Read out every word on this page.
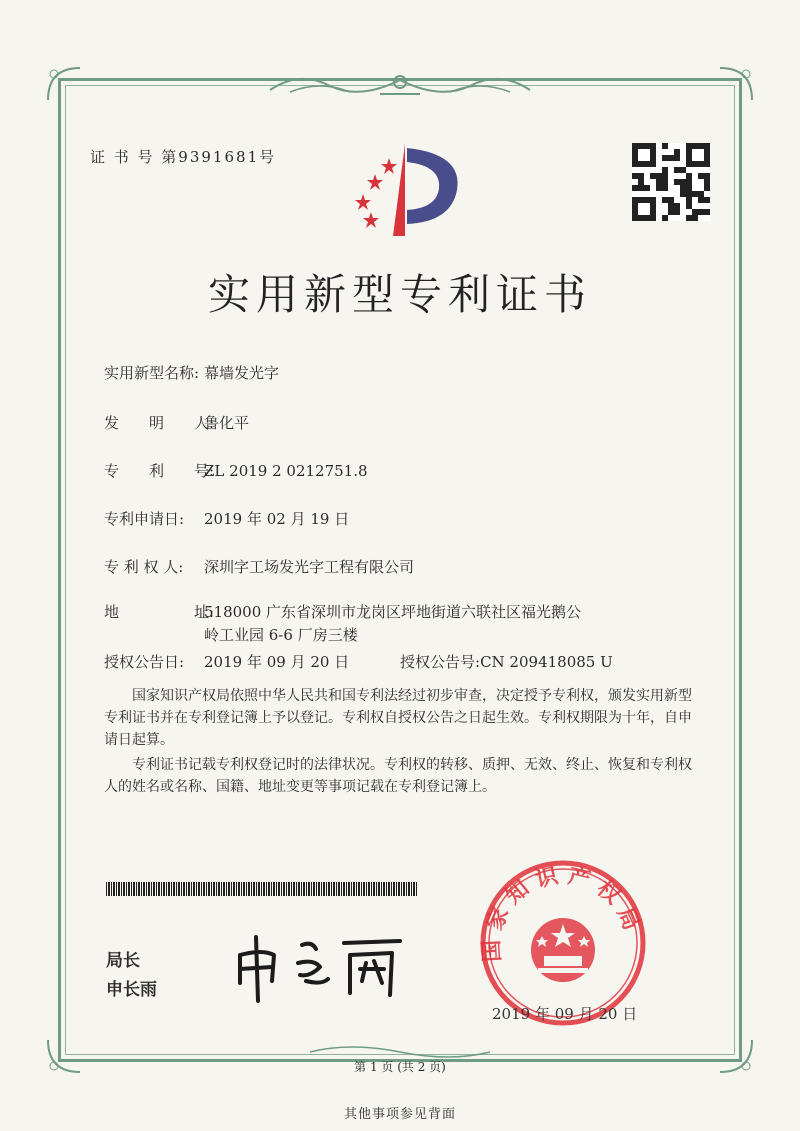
证 书 号 第9391681号
实用新型专利证书
实用新型名称: 幕墙发光字
发　　明　　人:鲁化平
专　　利　　号:ZL 2019 2 0212751.8
专利申请日: 2019 年 02 月 19 日
专 利 权 人: 深圳字工场发光字工程有限公司
地　　　　　址:518000 广东省深圳市龙岗区坪地街道六联社区福光鹅公
岭工业园 6-6 厂房三楼
授权公告日: 2019 年 09 月 20 日	授权公告号:CN 209418085 U
国家知识产权局依照中华人民共和国专利法经过初步审查，决定授予专利权，颁发实用新型专利证书并在专利登记簿上予以登记。专利权自授权公告之日起生效。专利权期限为十年，自申请日起算。
专利证书记载专利权登记时的法律状况。专利权的转移、质押、无效、终止、恢复和专利权人的姓名或名称、国籍、地址变更等事项记载在专利登记簿上。
局长
申长雨
国 家 知 识 产 权 局
2019 年 09 月 20 日
第 1 页 (共 2 页)
其他事项参见背面
